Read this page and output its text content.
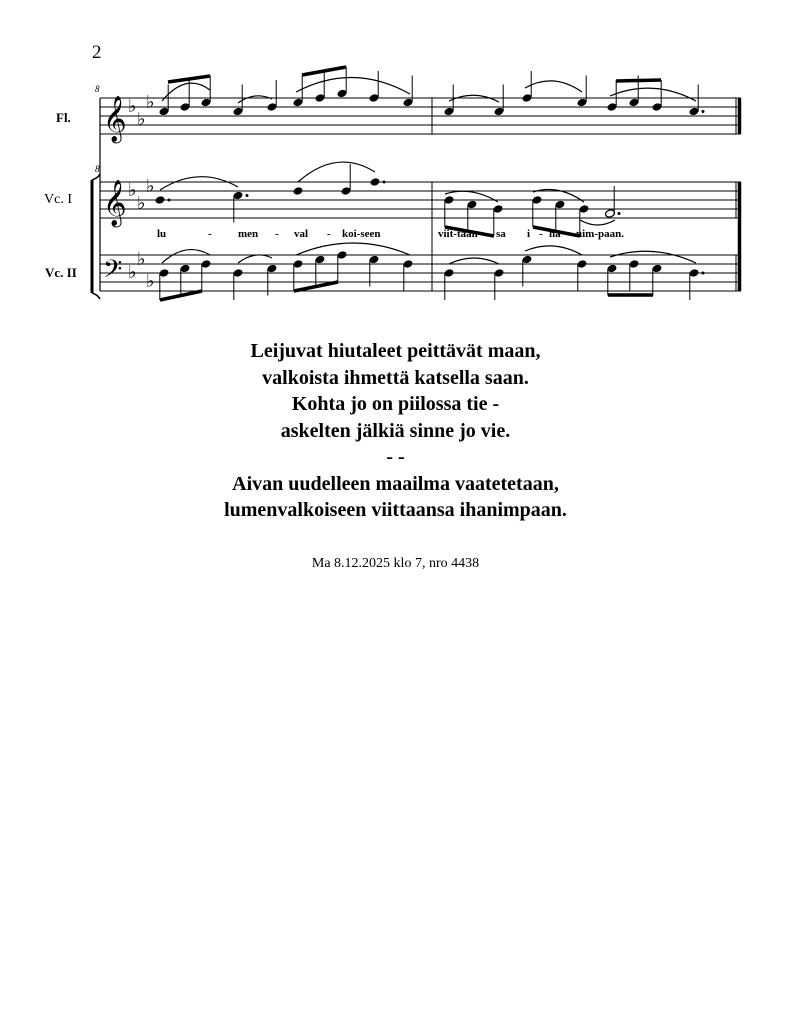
2
𝄞 ♭
♭
♭
𝄞 ♭
♭
♭
𝄢 ♭
♭
♭
Fl.
Vc. I
Vc. II
8
8
lu	- men - val - koi-seen	viit-taan - sa i - ha - nim-paan.
Leijuvat hiutaleet peittävät maan,
valkoista ihmettä katsella saan.
Kohta jo on piilossa tie -
askelten jälkiä sinne jo vie.
- -
Aivan uudelleen maailma vaatetetaan,
lumenvalkoiseen viittaansa ihanimpaan.
Ma 8.12.2025 klo 7, nro 4438
